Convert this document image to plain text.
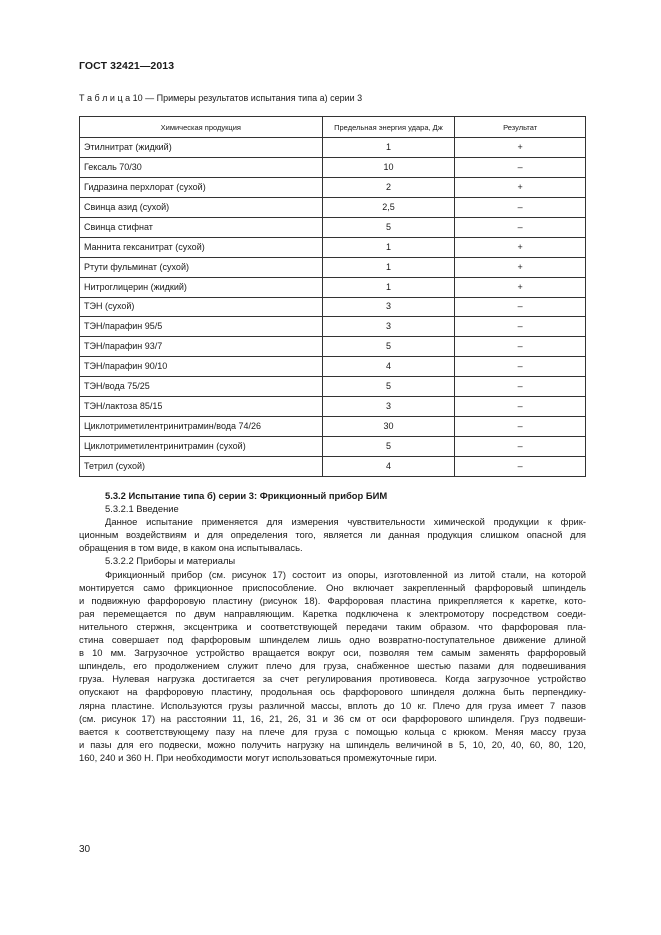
ГОСТ 32421—2013
Т а б л и ц а 10 — Примеры результатов испытания типа а) серии 3
Химическая продукция	Предельная энергия удара, Дж	Результат
Этилнитрат (жидкий)	1	+
Гексаль 70/30	10	–
Гидразина перхлорат (сухой)	2	+
Свинца азид (сухой)	2,5	–
Свинца стифнат	5	–
Маннита гексанитрат (сухой)	1	+
Ртути фульминат (сухой)	1	+
Нитроглицерин (жидкий)	1	+
ТЭН (сухой)	3	–
ТЭН/парафин 95/5	3	–
ТЭН/парафин 93/7	5	–
ТЭН/парафин 90/10	4	–
ТЭН/вода 75/25	5	–
ТЭН/лактоза 85/15	3	–
Циклотриметилентринитрамин/вода 74/26	30	–
Циклотриметилентринитрамин (сухой)	5	–
Тетрил (сухой)	4	–

5.3.2 Испытание типа б) серии 3: Фрикционный прибор БИМ

5.3.2.1 Введение

Данное испытание применяется для измерения чувствительности химической продукции к фрик-

ционным воздействиям и для определения того, является ли данная продукция слишком опасной для

обращения в том виде, в каком она испытывалась.

5.3.2.2 Приборы и материалы

Фрикционный прибор (см. рисунок 17) состоит из опоры, изготовленной из литой стали, на которой

монтируется само фрикционное приспособление. Оно включает закрепленный фарфоровый шпиндель

и подвижную фарфоровую пластину (рисунок 18). Фарфоровая пластина прикрепляется к каретке, кото-

рая перемещается по двум направляющим. Каретка подключена к электромотору посредством соеди-

нительного стержня, эксцентрика и соответствующей передачи таким образом. что фарфоровая пла-

стина совершает под фарфоровым шпинделем лишь одно возвратно-поступательное движение длиной

в 10 мм. Загрузочное устройство вращается вокруг оси, позволяя тем самым заменять фарфоровый

шпиндель, его продолжением служит плечо для груза, снабженное шестью пазами для подвешивания

груза. Нулевая нагрузка достигается за счет регулирования противовеса. Когда загрузочное устройство

опускают на фарфоровую пластину, продольная ось фарфорового шпинделя должна быть перпендику-

лярна пластине. Используются грузы различной массы, вплоть до 10 кг. Плечо для груза имеет 7 пазов

(см. рисунок 17) на расстоянии 11, 16, 21, 26, 31 и 36 см от оси фарфорового шпинделя. Груз подвеши-

вается к соответствующему пазу на плече для груза с помощью кольца с крюком. Меняя массу груза

и пазы для его подвески, можно получить нагрузку на шпиндель величиной в 5, 10, 20, 40, 60, 80, 120,

160, 240 и 360 Н. При необходимости могут использоваться промежуточные гири.

30
